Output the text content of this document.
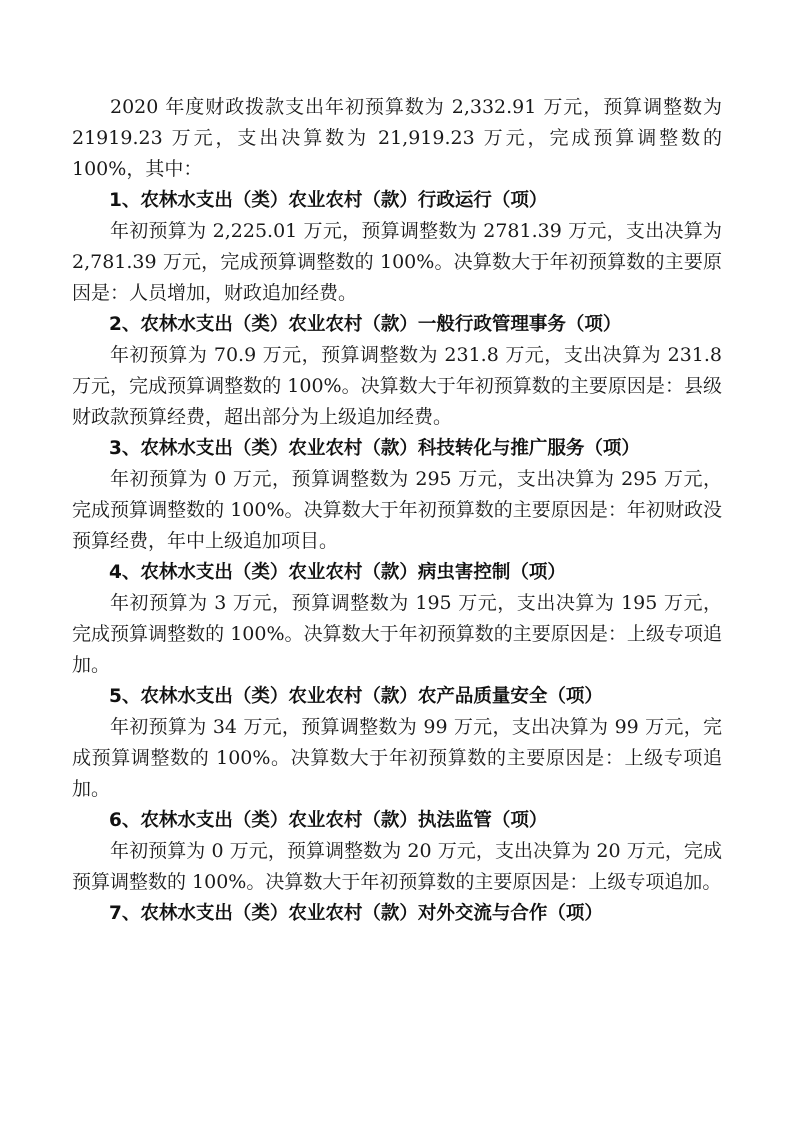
2020 年度财政拨款支出年初预算数为 2,332.91 万元，预算调整数为 21919.23 万元，支出决算数为 21,919.23 万元，完成预算调整数的 100%，其中：

1、农林水支出（类）农业农村（款）行政运行（项）

年初预算为 2,225.01 万元，预算调整数为 2781.39 万元，支出决算为 2,781.39 万元，完成预算调整数的 100%。决算数大于年初预算数的主要原因是：人员增加，财政追加经费。

2、农林水支出（类）农业农村（款）一般行政管理事务（项）

年初预算为 70.9 万元，预算调整数为 231.8 万元，支出决算为 231.8 万元，完成预算调整数的 100%。决算数大于年初预算数的主要原因是：县级财政款预算经费，超出部分为上级追加经费。

3、农林水支出（类）农业农村（款）科技转化与推广服务（项）

年初预算为 0 万元，预算调整数为 295 万元，支出决算为 295 万元，完成预算调整数的 100%。决算数大于年初预算数的主要原因是：年初财政没预算经费，年中上级追加项目。

4、农林水支出（类）农业农村（款）病虫害控制（项）

年初预算为 3 万元，预算调整数为 195 万元，支出决算为 195 万元，完成预算调整数的 100%。决算数大于年初预算数的主要原因是：上级专项追加。

5、农林水支出（类）农业农村（款）农产品质量安全（项）

年初预算为 34 万元，预算调整数为 99 万元，支出决算为 99 万元，完成预算调整数的 100%。决算数大于年初预算数的主要原因是：上级专项追加。

6、农林水支出（类）农业农村（款）执法监管（项）

年初预算为 0 万元，预算调整数为 20 万元，支出决算为 20 万元，完成预算调整数的 100%。决算数大于年初预算数的主要原因是：上级专项追加。

7、农林水支出（类）农业农村（款）对外交流与合作（项）
